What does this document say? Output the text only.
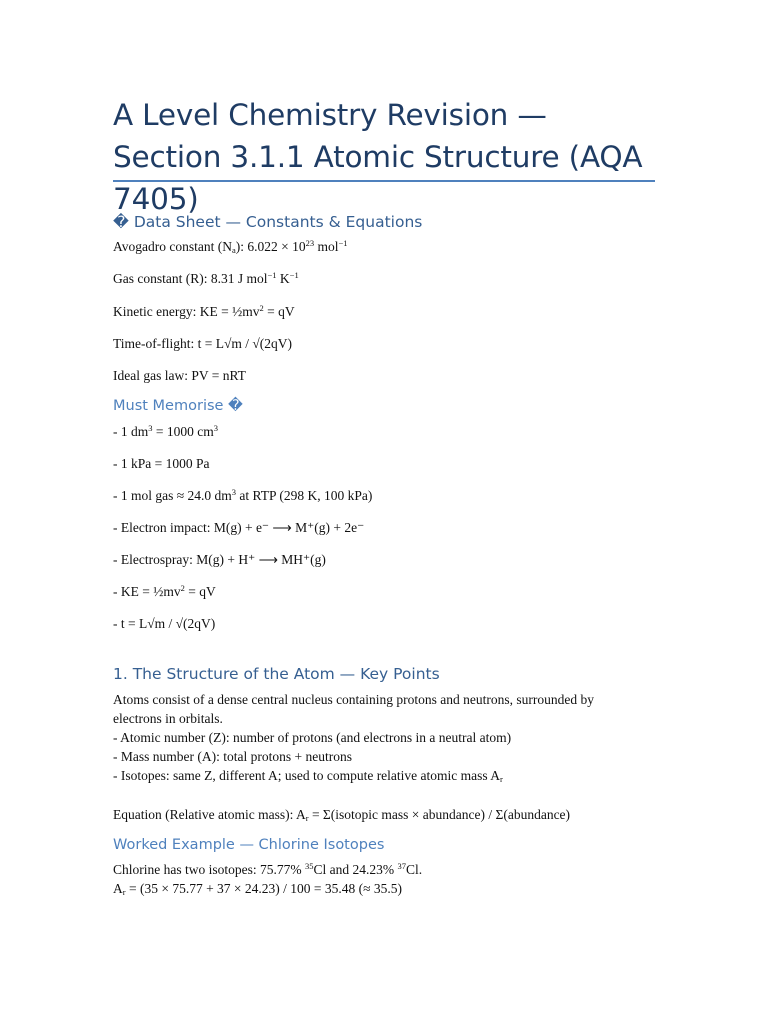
A Level Chemistry Revision — Section 3.1.1 Atomic Structure (AQA 7405)
� Data Sheet — Constants & Equations

Avogadro constant $(N_a)$: $6.022 \times 10^{23}$ mol$^{-1}$

Gas constant (R): 8.31 J mol$^{-1}$ $K^{-1}$

Kinetic energy: KE = $\frac{1}{2}mv^2$ = qV

Time-of-flight: t = L√m / √(2qV)

Ideal gas law: PV = nRT

Must Memorise �

- 1 $dm^3 = 1000$ $cm^3$

- 1 kPa = 1000 Pa

- 1 mol gas ≈ 24.0 $dm^3$ at RTP (298 K, 100 kPa)

- Electron impact: M(g) + e⁻ ⟶ M⁺(g) + 2e⁻

- Electrospray: M(g) + H⁺ ⟶ MH⁺(g)

- KE = $\frac{1}{2}mv^2$ = qV

- t = L√m / √(2qV)

1. The Structure of the Atom — Key Points

Atoms consist of a dense central nucleus containing protons and neutrons, surrounded by

electrons in orbitals.

- Atomic number (Z): number of protons (and electrons in a neutral atom)

- Mass number (A): total protons + neutrons

- Isotopes: same Z, different A; used to compute relative atomic mass $A_r$

Equation (Relative atomic mass): $A_r$ = Σ(isotopic mass × abundance) / Σ(abundance)

Worked Example — Chlorine Isotopes

Chlorine has two isotopes: 75.77% $^{35}$Cl and 24.23% $^{37}$Cl.

$A_r = (35 \times 75.77 + 37 \times 24.23) / 100 = 35.48$ (≈ 35.5)
